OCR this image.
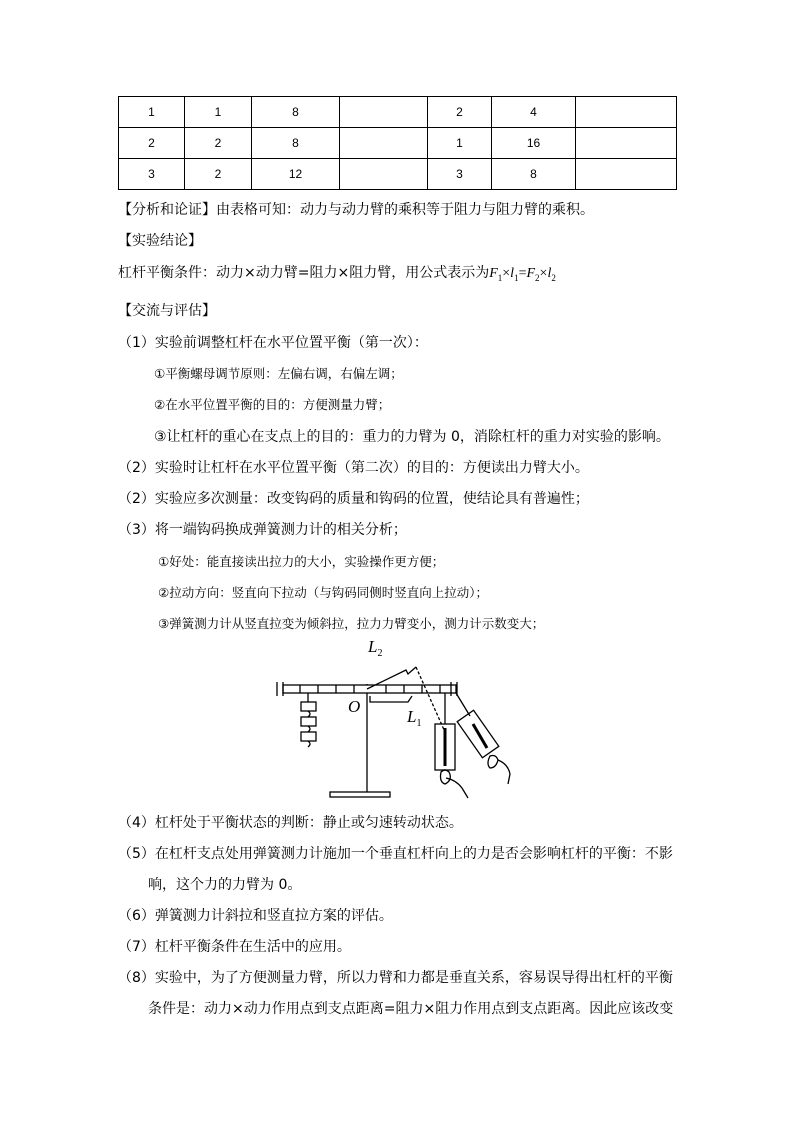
1	1	8		2	4	
2	2	8		1	16	
3	2	12		3	8	
【分析和论证】由表格可知：动力与动力臂的乘积等于阻力与阻力臂的乘积。
【实验结论】
杠杆平衡条件：动力×动力臂=阻力×阻力臂，用公式表示为$F_1\times l_1=F_2\times l_2$
【交流与评估】
（1）实验前调整杠杆在水平位置平衡（第一次）：
①平衡螺母调节原则：左偏右调，右偏左调；
②在水平位置平衡的目的：方便测量力臂；
③让杠杆的重心在支点上的目的：重力的力臂为 0，消除杠杆的重力对实验的影响。
（2）实验时让杠杆在水平位置平衡（第二次）的目的：方便读出力臂大小。
（2）实验应多次测量：改变钩码的质量和钩码的位置，使结论具有普遍性；
（3）将一端钩码换成弹簧测力计的相关分析；
①好处：能直接读出拉力的大小，实验操作更方便；
②拉动方向：竖直向下拉动（与钩码同侧时竖直向上拉动）；
③弹簧测力计从竖直拉变为倾斜拉，拉力力臂变小，测力计示数变大；
$L_2$
O
$L_1$
（4）杠杆处于平衡状态的判断：静止或匀速转动状态。
（5）在杠杆支点处用弹簧测力计施加一个垂直杠杆向上的力是否会影响杠杆的平衡：不影
响，这个力的力臂为 0。
（6）弹簧测力计斜拉和竖直拉方案的评估。
（7）杠杆平衡条件在生活中的应用。
（8）实验中，为了方便测量力臂，所以力臂和力都是垂直关系，容易误导得出杠杆的平衡
条件是：动力×动力作用点到支点距离=阻力×阻力作用点到支点距离。因此应该改变
